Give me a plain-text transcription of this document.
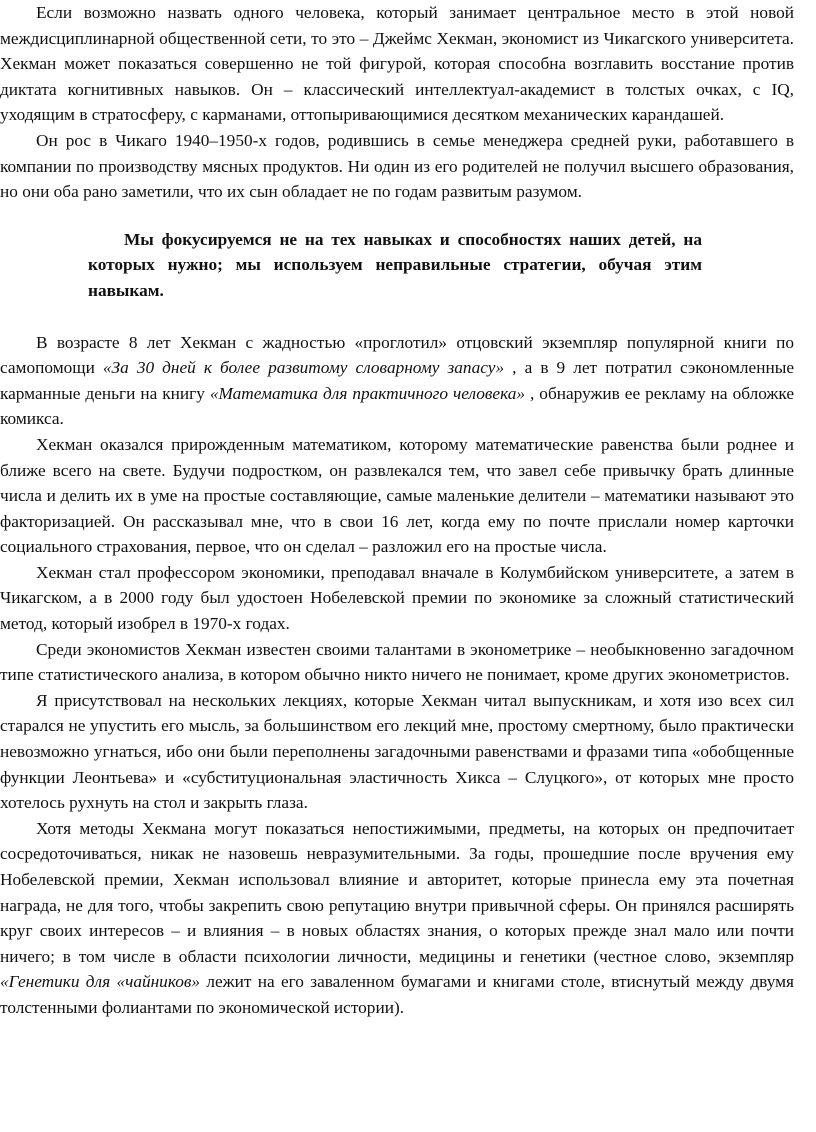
Если возможно назвать одного человека, который занимает центральное место в этой новой междисциплинарной общественной сети, то это – Джеймс Хекман, экономист из Чикагского университета. Хекман может показаться совершенно не той фигурой, которая способна возглавить восстание против диктата когнитивных навыков. Он – классический интеллектуал-академист в толстых очках, с IQ, уходящим в стратосферу, с карманами, оттопыривающимися десятком механических карандашей.

Он рос в Чикаго 1940–1950-х годов, родившись в семье менеджера средней руки, работавшего в компании по производству мясных продуктов. Ни один из его родителей не получил высшего образования, но они оба рано заметили, что их сын обладает не по годам развитым разумом.

Мы фокусируемся не на тех навыках и способностях наших детей, на которых нужно; мы используем неправильные стратегии, обучая этим навыкам.

В возрасте 8 лет Хекман с жадностью «проглотил» отцовский экземпляр популярной книги по самопомощи «За 30 дней к более развитому словарному запасу» , а в 9 лет потратил сэкономленные карманные деньги на книгу «Математика для практичного человека» , обнаружив ее рекламу на обложке комикса.

Хекман оказался прирожденным математиком, которому математические равенства были роднее и ближе всего на свете. Будучи подростком, он развлекался тем, что завел себе привычку брать длинные числа и делить их в уме на простые составляющие, самые маленькие делители – математики называют это факторизацией. Он рассказывал мне, что в свои 16 лет, когда ему по почте прислали номер карточки социального страхования, первое, что он сделал – разложил его на простые числа.

Хекман стал профессором экономики, преподавал вначале в Колумбийском университете, а затем в Чикагском, а в 2000 году был удостоен Нобелевской премии по экономике за сложный статистический метод, который изобрел в 1970-х годах.

Среди экономистов Хекман известен своими талантами в эконометрике – необыкновенно загадочном типе статистического анализа, в котором обычно никто ничего не понимает, кроме других эконометристов.

Я присутствовал на нескольких лекциях, которые Хекман читал выпускникам, и хотя изо всех сил старался не упустить его мысль, за большинством его лекций мне, простому смертному, было практически невозможно угнаться, ибо они были переполнены загадочными равенствами и фразами типа «обобщенные функции Леонтьева» и «субституциональная эластичность Хикса – Слуцкого», от которых мне просто хотелось рухнуть на стол и закрыть глаза.

Хотя методы Хекмана могут показаться непостижимыми, предметы, на которых он предпочитает сосредоточиваться, никак не назовешь невразумительными. За годы, прошедшие после вручения ему Нобелевской премии, Хекман использовал влияние и авторитет, которые принесла ему эта почетная награда, не для того, чтобы закрепить свою репутацию внутри привычной сферы. Он принялся расширять круг своих интересов – и влияния – в новых областях знания, о которых прежде знал мало или почти ничего; в том числе в области психологии личности, медицины и генетики (честное слово, экземпляр «Генетики для «чайников» лежит на его заваленном бумагами и книгами столе, втиснутый между двумя толстенными фолиантами по экономической истории).
